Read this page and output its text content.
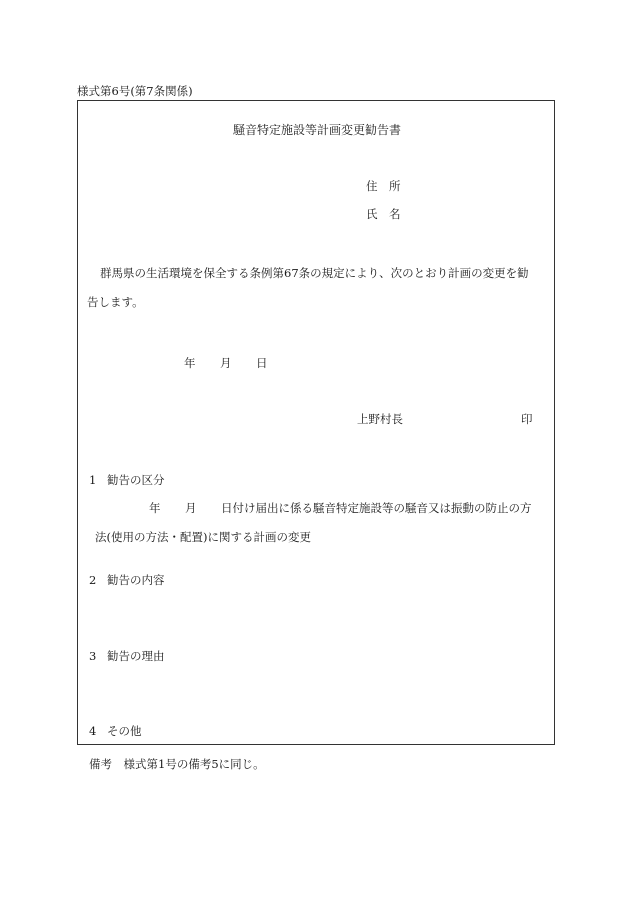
様式第6号(第7条関係)
騒音特定施設等計画変更勧告書
住　所
氏　名
群馬県の生活環境を保全する条例第67条の規定により、次のとおり計画の変更を勧
告します。
年 月 日
上野村長	印
1 勧告の区分
年 月 日付け届出に係る騒音特定施設等の騒音又は振動の防止の方
法(使用の方法・配置)に関する計画の変更
2 勧告の内容
3 勧告の理由
4 その他
備考　様式第1号の備考5に同じ。
